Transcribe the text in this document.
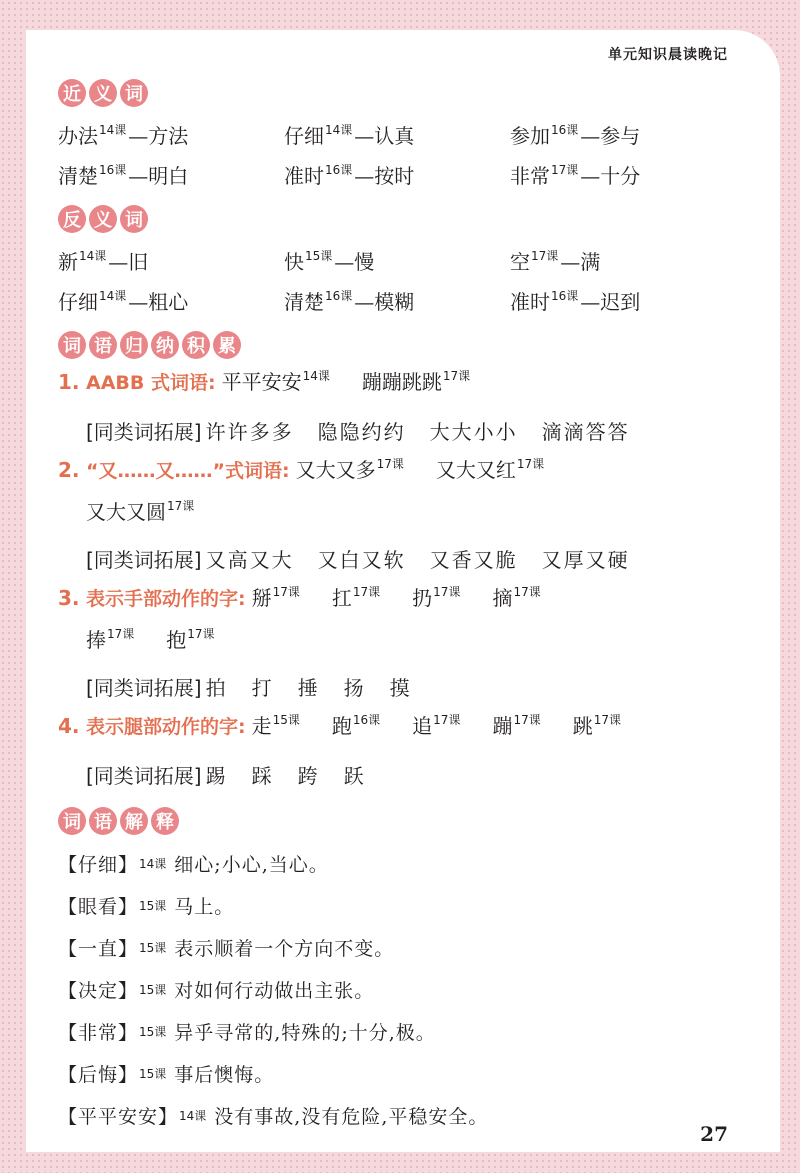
单元知识晨读晚记
近 义 词
办法$^{14课}$ —方法	仔细$^{14课}$ —认真	参加$^{16课}$ —参与
清楚$^{16课}$ —明白	准时$^{16课}$ —按时	非常$^{17课}$ —十分
反 义 词
新$^{14课}$ —旧	快$^{15课}$ —慢	空$^{17课}$ —满
仔细$^{14课}$ —粗心	清楚$^{16课}$ —模糊	准时$^{16课}$ —迟到
词 语 归 纳 积 累
1. AABB 式词语: 平平安安$^{14课}$ 蹦蹦跳跳$^{17课}$
[同类词拓展] 许许多多 隐隐约约 大大小小 滴滴答答
2. “又……又……”式词语: 又大又多$^{17课}$ 又大又红$^{17课}$
又大又圆$^{17课}$
[同类词拓展] 又高又大 又白又软 又香又脆 又厚又硬
3. 表示手部动作的字: 掰$^{17课}$ 扛$^{17课}$ 扔$^{17课}$ 摘$^{17课}$
捧$^{17课}$ 抱$^{17课}$
[同类词拓展] 拍 打 捶 扬 摸
4. 表示腿部动作的字: 走$^{15课}$ 跑$^{16课}$ 追$^{17课}$ 蹦$^{17课}$ 跳$^{17课}$
[同类词拓展] 踢 踩 跨 跃
词 语 解 释
【仔细】 14课 细心;小心,当心。
【眼看】 15课 马上。
【一直】 15课 表示顺着一个方向不变。
【决定】 15课 对如何行动做出主张。
【非常】 15课 异乎寻常的,特殊的;十分,极。
【后悔】 15课 事后懊悔。
【平平安安】 14课 没有事故,没有危险,平稳安全。
27
